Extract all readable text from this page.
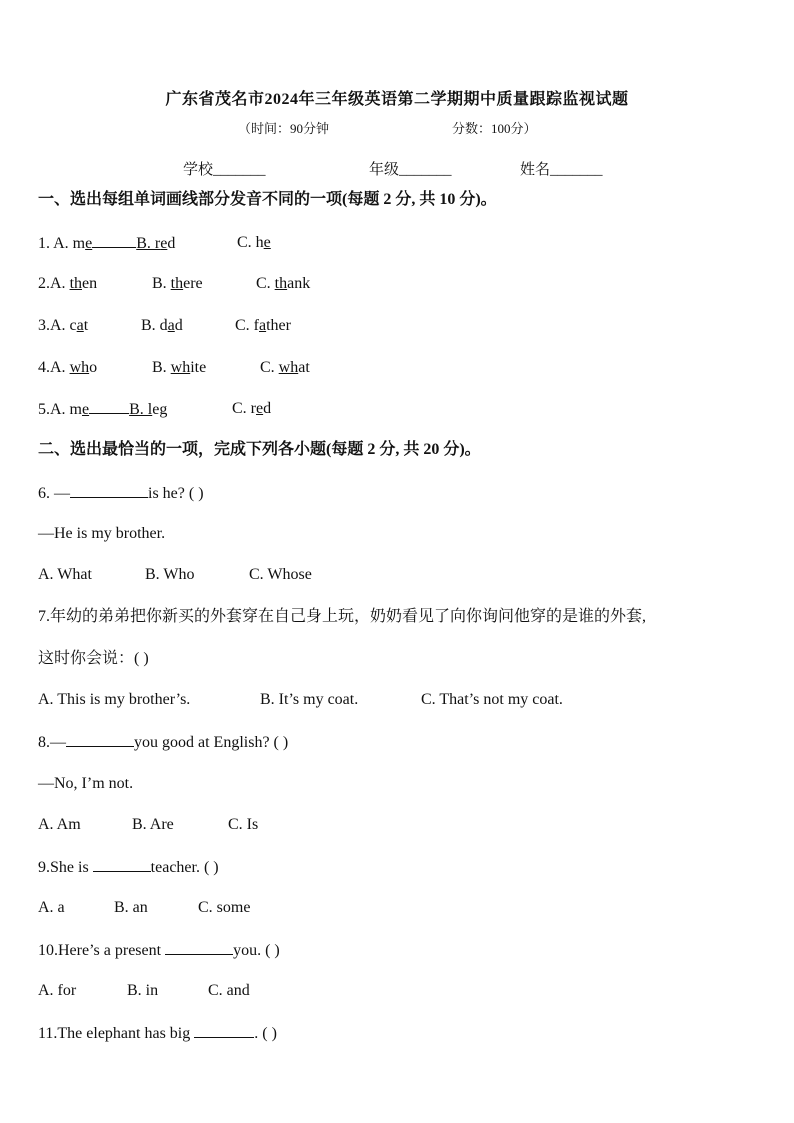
广东省茂名市2024年三年级英语第二学期期中质量跟踪监视试题
（时间：90分钟	分数：100分）
学校_______	年级_______	姓名_______
一、选出每组单词画线部分发音不同的一项(每题 2 分, 共 10 分)。
1. A. me	B. red	C. he
2.A. then	B. there	C. thank
3.A. cat	B. dad	C. father
4.A. who	B. white	C. what
5.A. me	B. leg	C. red
二、选出最恰当的一项，完成下列各小题(每题 2 分, 共 20 分)。
6. —	is he? ( )
—He is my brother.
A. What	B. Who	C. Whose
7.年幼的弟弟把你新买的外套穿在自己身上玩，奶奶看见了向你询问他穿的是谁的外套,
这时你会说：( )
A. This is my brother’s.	B. It’s my coat.	C. That’s not my coat.
8.—	you good at English? ( )
—No, I’m not.
A. Am	B. Are	C. Is
9.She is	teacher. ( )
A. a	B. an	C. some
10.Here’s a present	you. ( )
A. for	B. in	C. and
11.The elephant has big	. ( )
